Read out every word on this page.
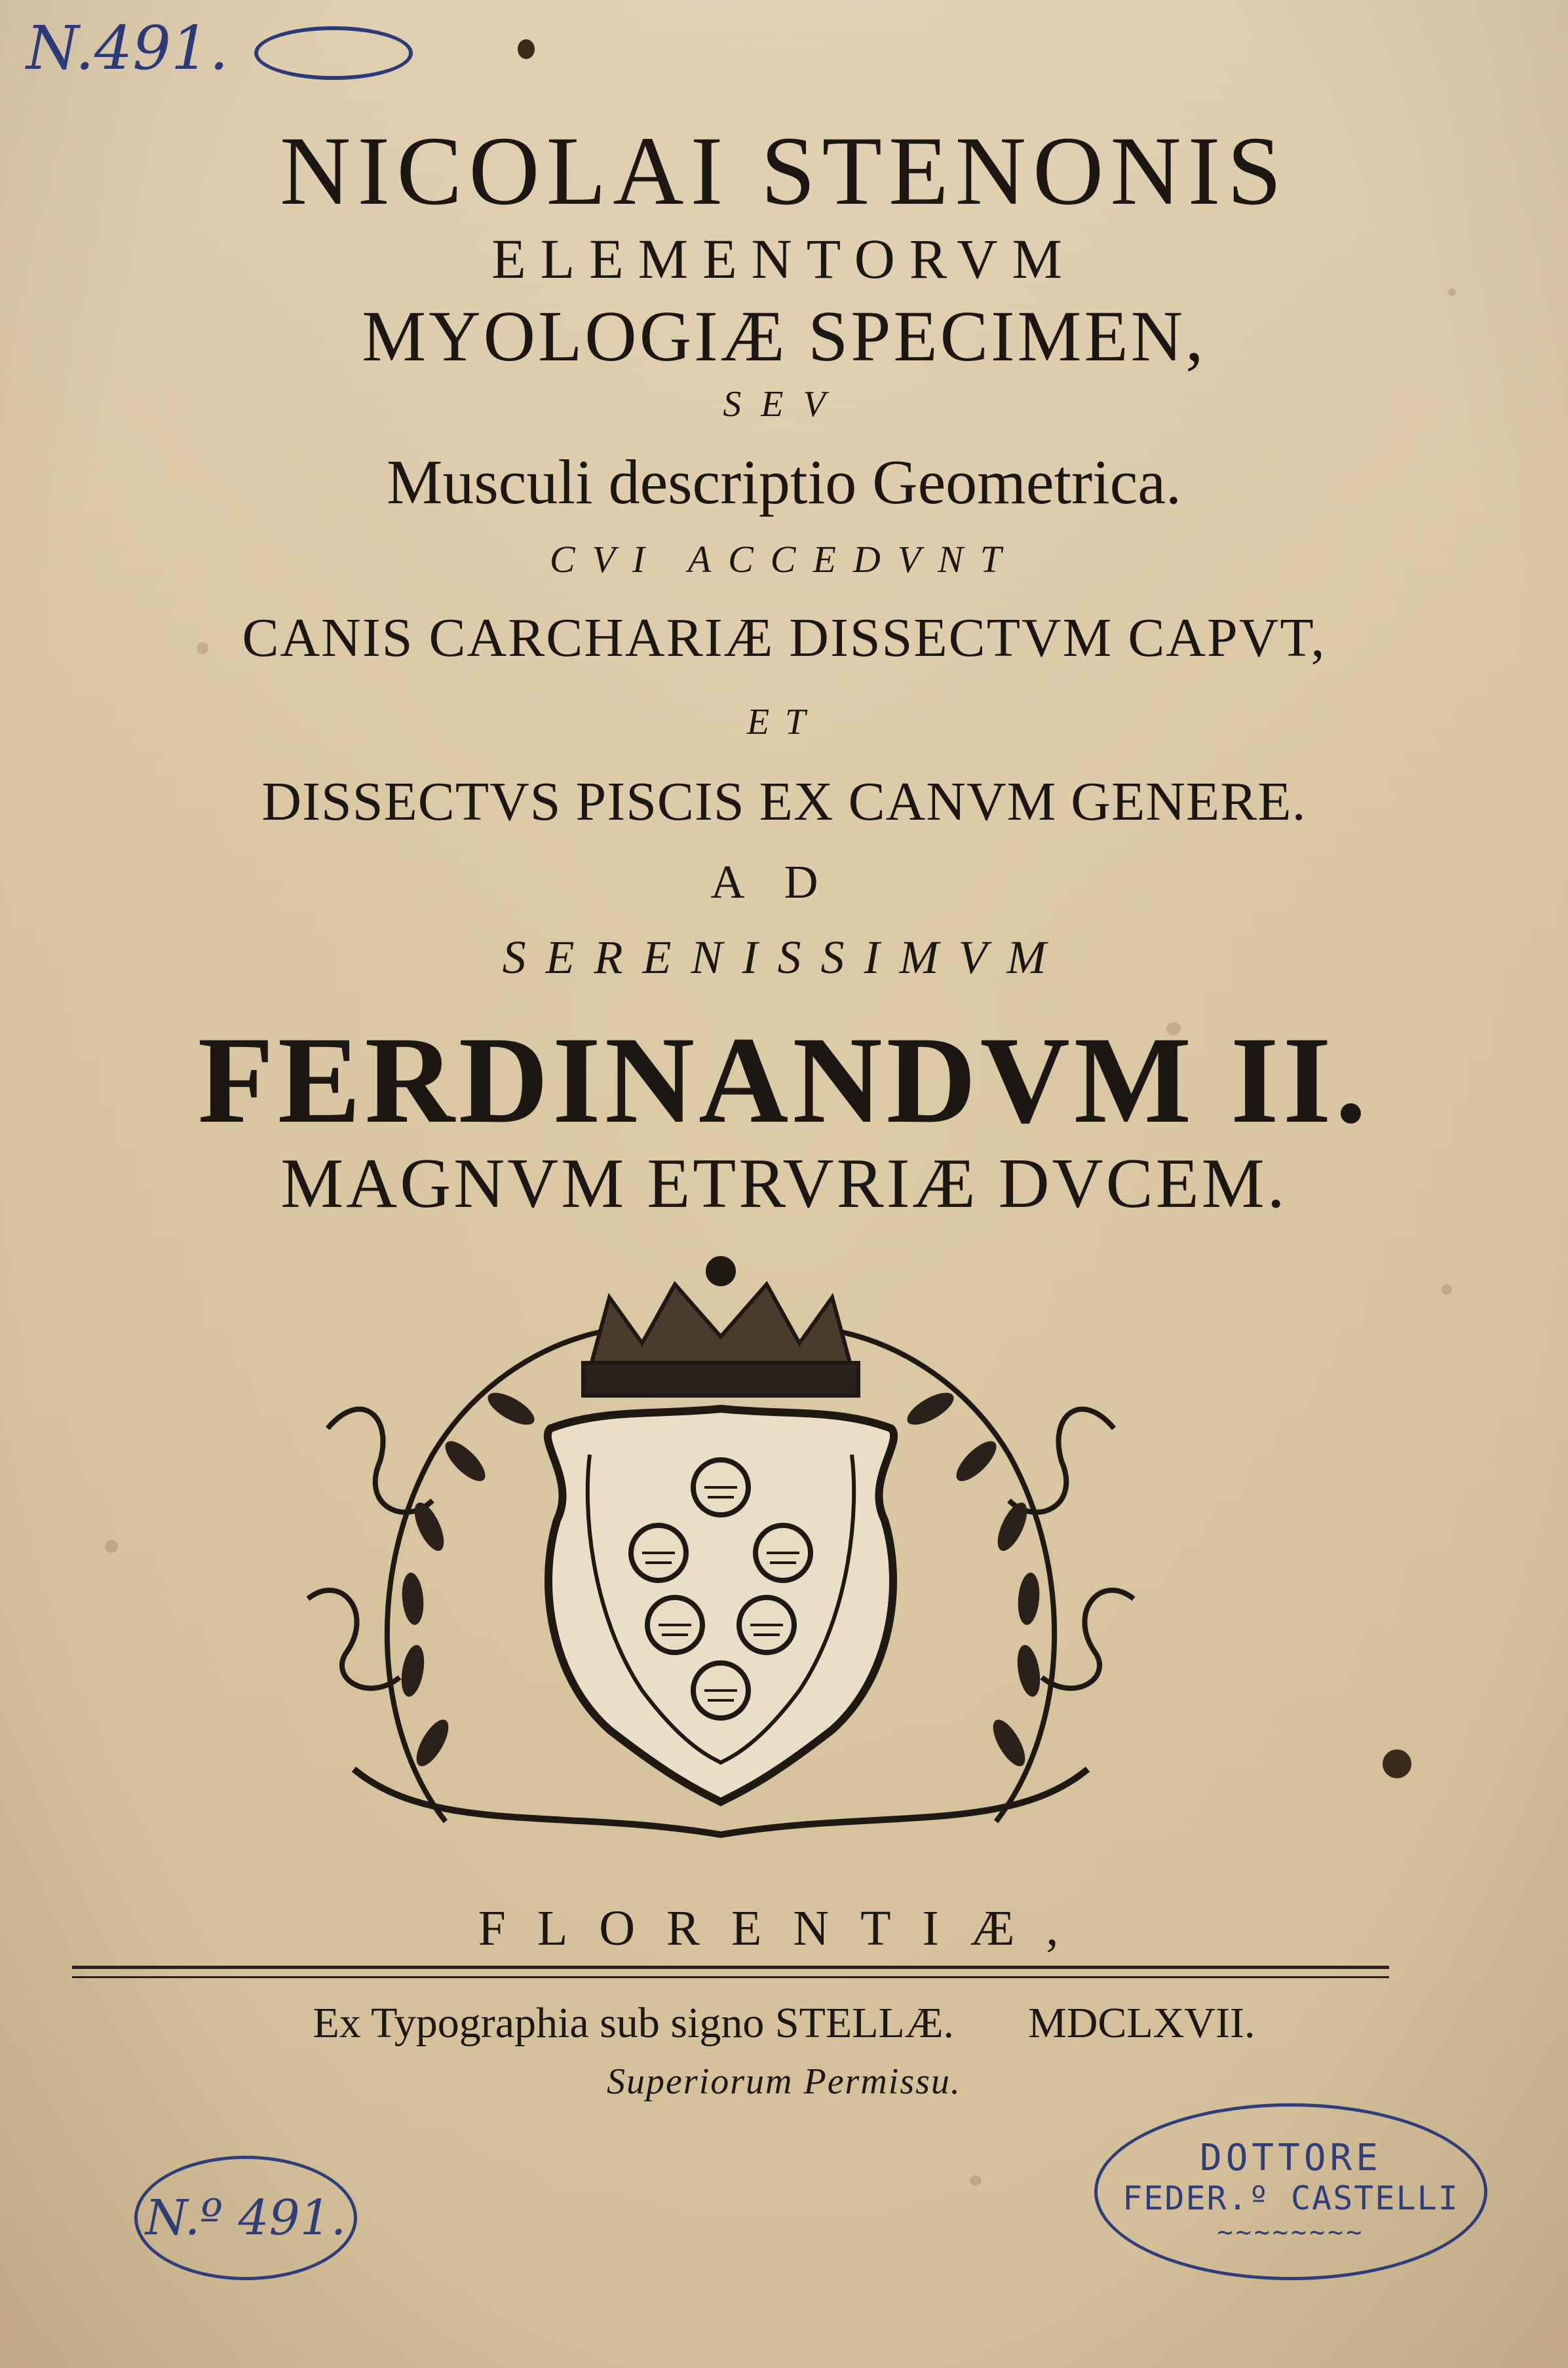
N.491.
NICOLAI STENONIS
ELEMENTORVM
MYOLOGIÆ SPECIMEN,
SEV
Musculi descriptio Geometrica.
CVI ACCEDVNT
CANIS CARCHARIÆ DISSECTVM CAPVT,
ET
DISSECTVS PISCIS EX CANVM GENERE.
AD
SERENISSIMVM
FERDINANDVM II.
MAGNVM ETRVRIÆ DVCEM.
FLORENTIÆ,
Ex Typographia sub signo STELLÆ. MDCLXVII.
Superiorum Permissu.
N.º 491.
DOTTORE
FEDER.º CASTELLI
~~~~~~~~
